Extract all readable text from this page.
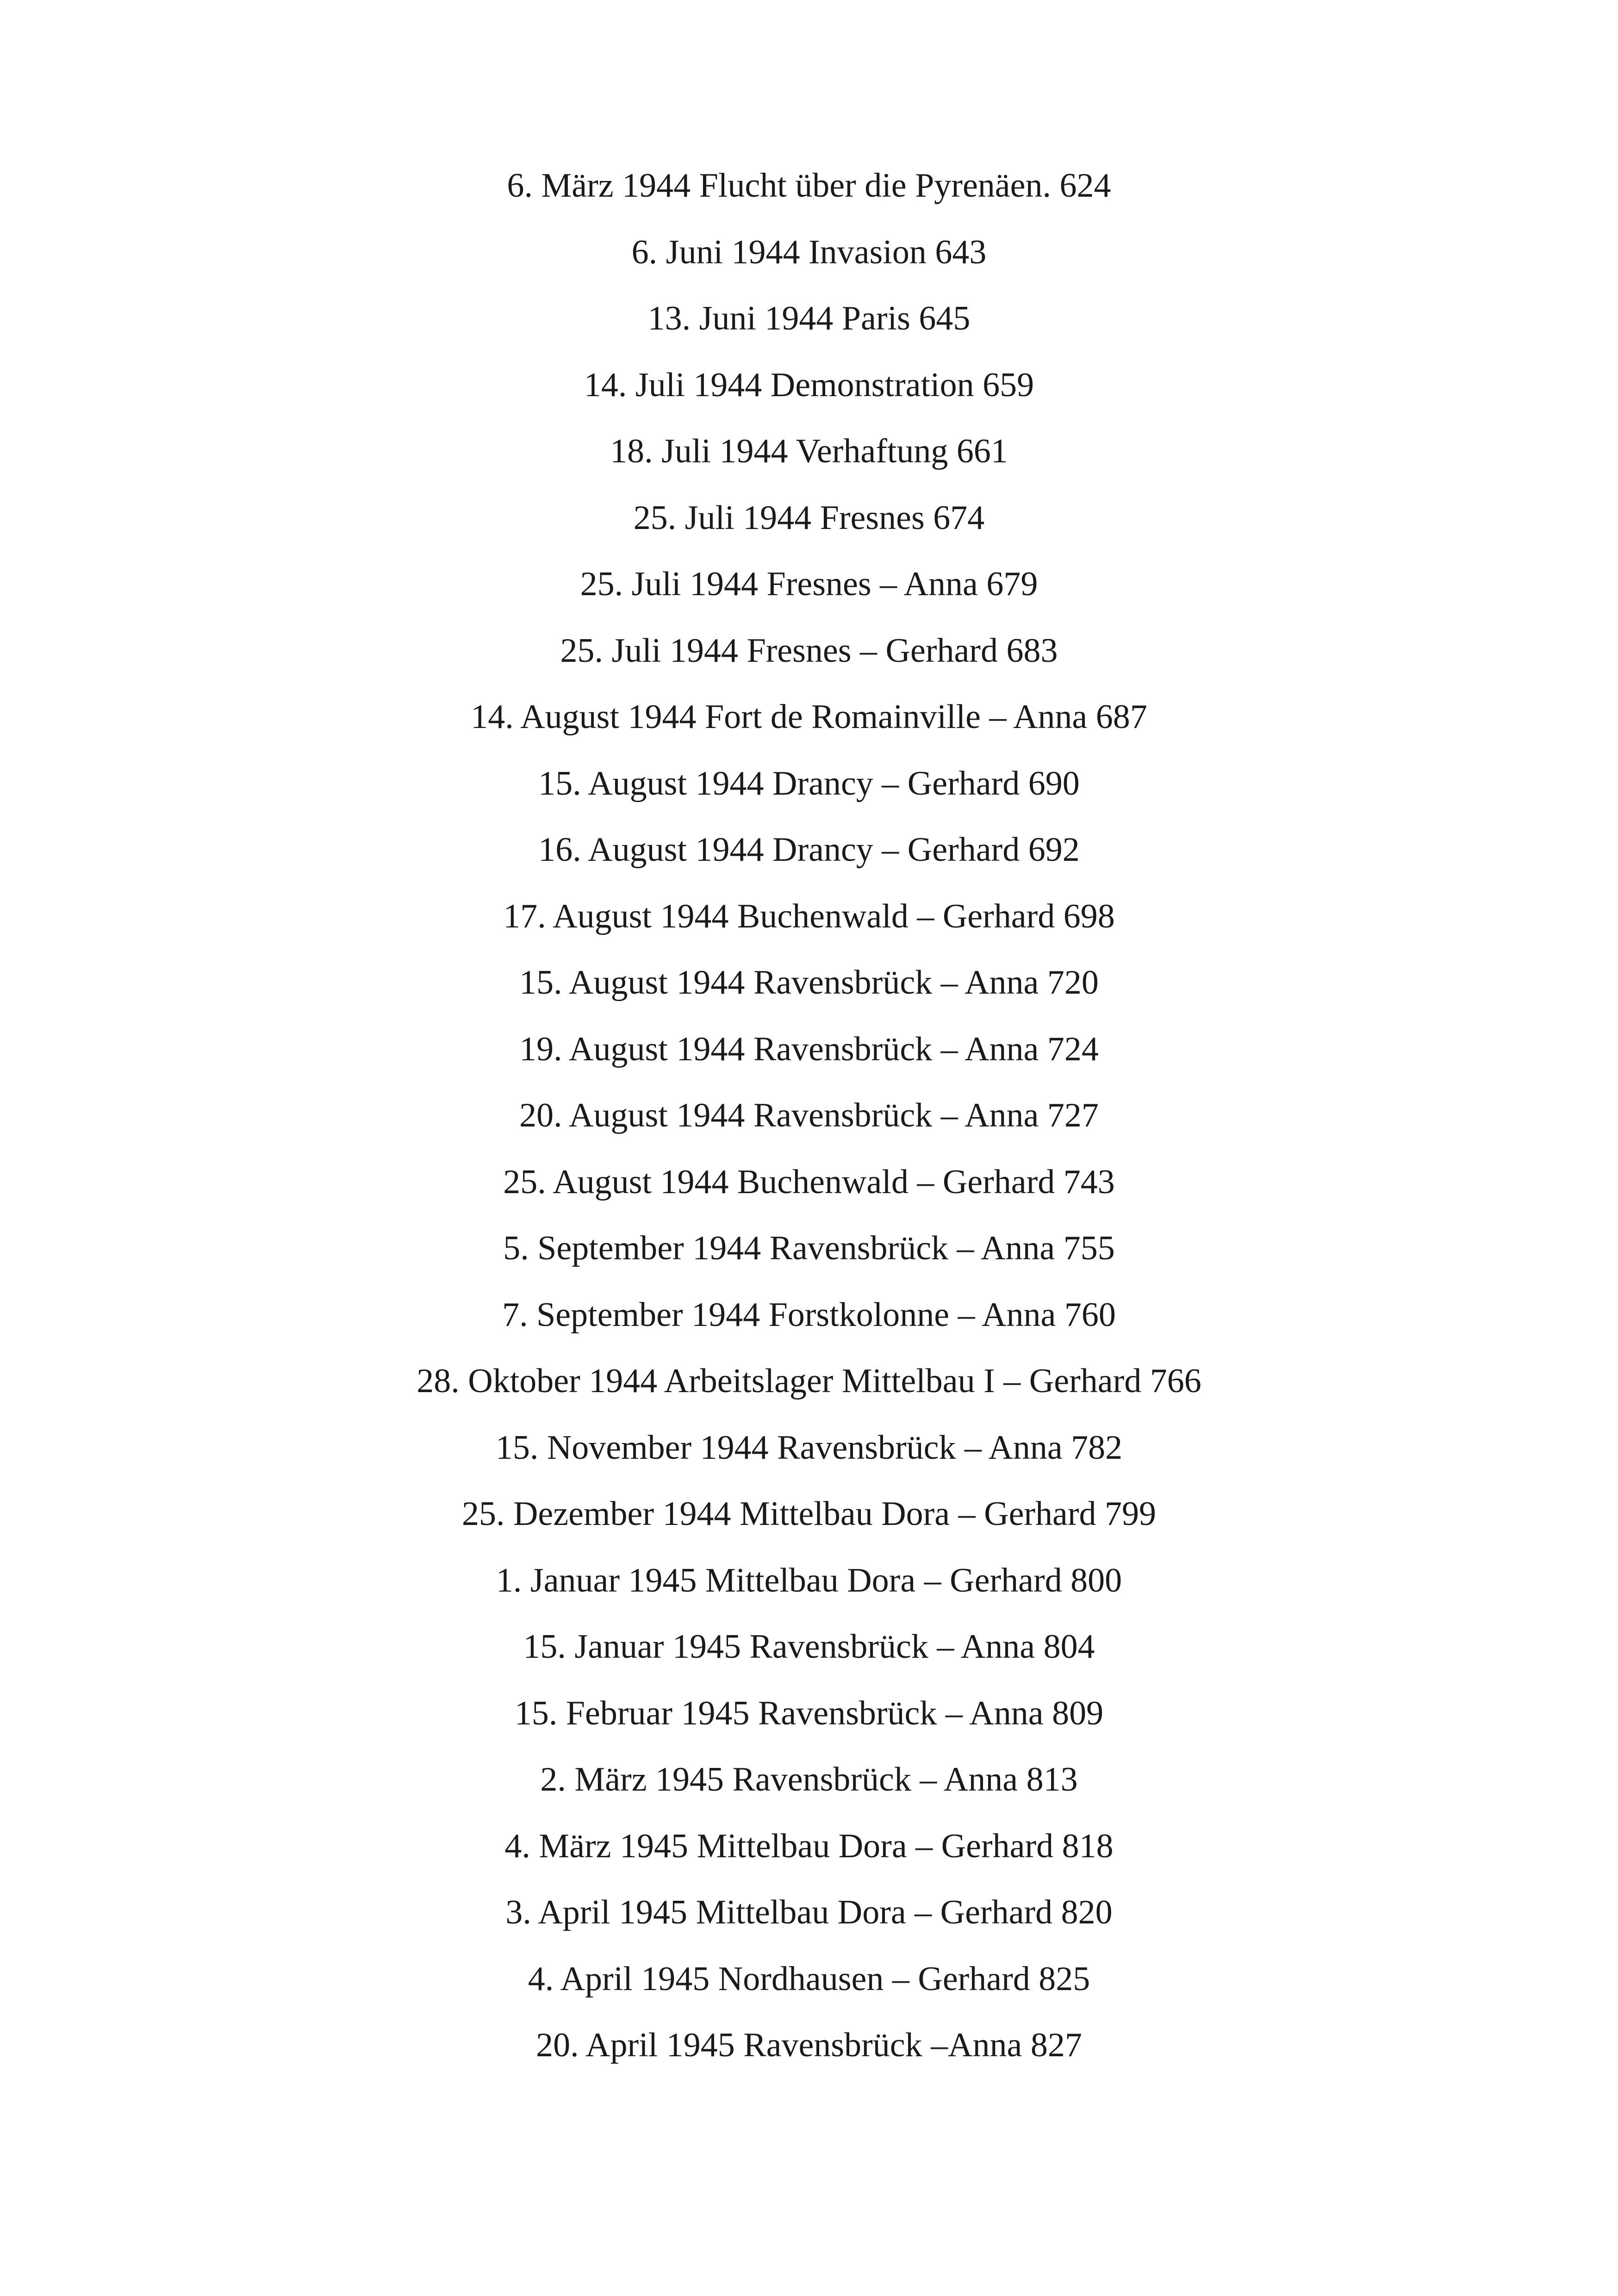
6. März 1944 Flucht über die Pyrenäen. 624
6. Juni 1944 Invasion 643
13. Juni 1944 Paris 645
14. Juli 1944 Demonstration 659
18. Juli 1944 Verhaftung 661
25. Juli 1944 Fresnes 674
25. Juli 1944 Fresnes – Anna 679
25. Juli 1944 Fresnes – Gerhard 683
14. August 1944 Fort de Romainville – Anna 687
15. August 1944 Drancy – Gerhard 690
16. August 1944 Drancy – Gerhard 692
17. August 1944 Buchenwald – Gerhard 698
15. August 1944 Ravensbrück – Anna 720
19. August 1944 Ravensbrück – Anna 724
20. August 1944 Ravensbrück – Anna 727
25. August 1944 Buchenwald – Gerhard 743
5. September 1944 Ravensbrück – Anna 755
7. September 1944 Forstkolonne – Anna 760
28. Oktober 1944 Arbeitslager Mittelbau I – Gerhard 766
15. November 1944 Ravensbrück – Anna 782
25. Dezember 1944 Mittelbau Dora – Gerhard 799
1. Januar 1945 Mittelbau Dora – Gerhard 800
15. Januar 1945 Ravensbrück – Anna 804
15. Februar 1945 Ravensbrück – Anna 809
2. März 1945 Ravensbrück – Anna 813
4. März 1945 Mittelbau Dora – Gerhard 818
3. April 1945 Mittelbau Dora – Gerhard 820
4. April 1945 Nordhausen – Gerhard 825
20. April 1945 Ravensbrück –Anna 827
